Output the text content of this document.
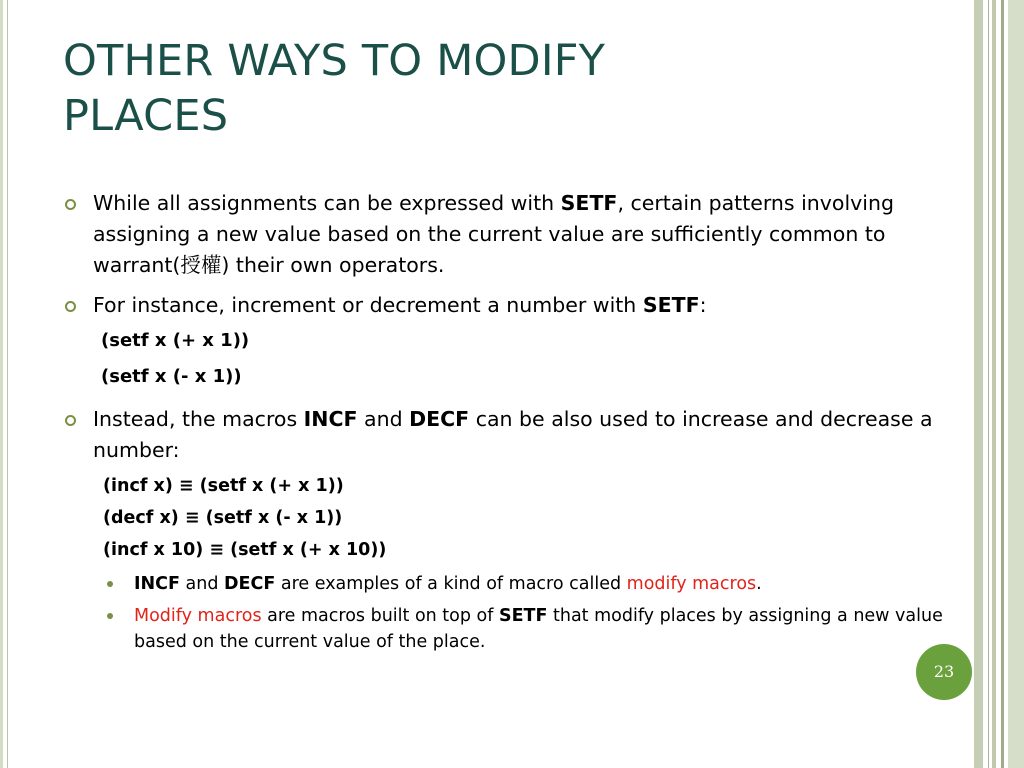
OTHER WAYS TO MODIFY
PLACES
While all assignments can be expressed with SETF, certain patterns involving assigning a new value based on the current value are sufficiently common to warrant(授權) their own operators.
For instance, increment or decrement a number with SETF:
(setf x (+ x 1))
(setf x (- x 1))
Instead, the macros INCF and DECF can be also used to increase and decrease a number:
(incf x) ≡ (setf x (+ x 1))
(decf x) ≡ (setf x (- x 1))
(incf x 10) ≡ (setf x (+ x 10))
INCF and DECF are examples of a kind of macro called modify macros.
Modify macros are macros built on top of SETF that modify places by assigning a new value based on the current value of the place.
23
